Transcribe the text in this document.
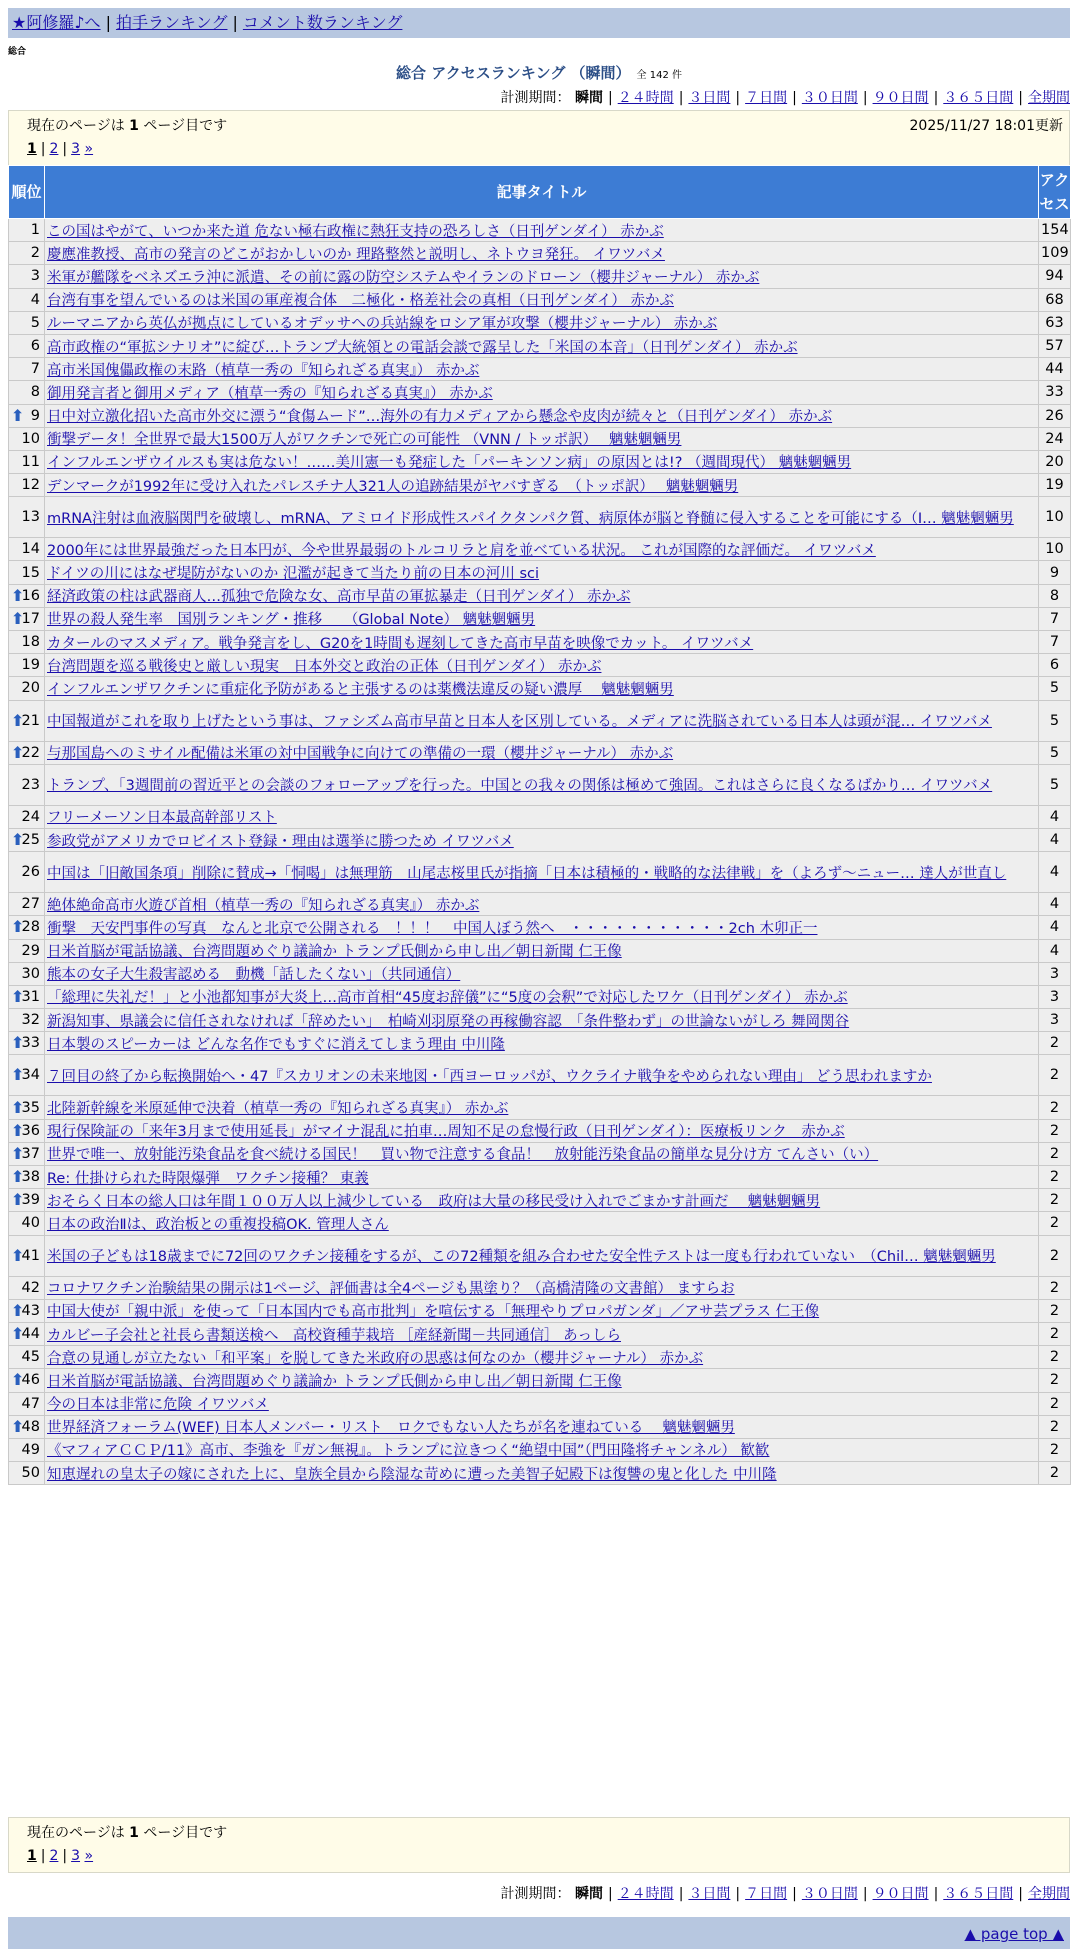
★阿修羅♪へ | 拍手ランキング | コメント数ランキング
総合
総合 アクセスランキング （瞬間） 全 142 件
計測期間： 瞬間 | ２４時間 | ３日間 | ７日間 | ３０日間 | ９０日間 | ３６５日間 | 全期間
現在のページは 1 ページ目です	2025/11/27 18:01更新
1 | 2 | 3 »
順位	記事タイトル	アクセス
1	この国はやがて、いつか来た道 危ない極右政権に熱狂支持の恐ろしさ（日刊ゲンダイ） 赤かぶ	154
2	慶應准教授、高市の発言のどこがおかしいのか 理路整然と説明し、ネトウヨ発狂。 イワツバメ	109
3	米軍が艦隊をベネズエラ沖に派遣、その前に露の防空システムやイランのドローン（櫻井ジャーナル） 赤かぶ	94
4	台湾有事を望んでいるのは米国の軍産複合体　二極化・格差社会の真相（日刊ゲンダイ） 赤かぶ	68
5	ルーマニアから英仏が拠点にしているオデッサへの兵站線をロシア軍が攻撃（櫻井ジャーナル） 赤かぶ	63
6	高市政権の“軍拡シナリオ”に綻び…トランプ大統領との電話会談で露呈した「米国の本音」（日刊ゲンダイ） 赤かぶ	57
7	高市米国傀儡政権の末路（植草一秀の『知られざる真実』） 赤かぶ	44
8	御用発言者と御用メディア（植草一秀の『知られざる真実』） 赤かぶ	33

⬆ 9	日中対立激化招いた高市外交に漂う“食傷ムード”…海外の有力メディアから懸念や皮肉が続々と（日刊ゲンダイ） 赤かぶ	26
10	衝撃データ！全世界で最大1500万人がワクチンで死亡の可能性 （VNN / トッポ訳）　 魑魅魍魎男	24
11	インフルエンザウイルスも実は危ない！……美川憲一も発症した「パーキンソン病」の原因とは!? （週間現代） 魑魅魍魎男	20
12	デンマークが1992年に受け入れたパレスチナ人321人の追跡結果がヤバすぎる　（トッポ訳）　 魑魅魍魎男	19
13	mRNA注射は血液脳関門を破壊し、mRNA、アミロイド形成性スパイクタンパク質、病原体が脳と脊髄に侵入することを可能にする（I… 魑魅魍魎男	10
14	2000年には世界最強だった日本円が、今や世界最弱のトルコリラと肩を並べている状況。 これが国際的な評価だ。 イワツバメ	10
15	ドイツの川にはなぜ堤防がないのか 氾濫が起きて当たり前の日本の河川 sci	9

⬆
16	経済政策の柱は武器商人…孤独で危険な女、高市早苗の軍拡暴走（日刊ゲンダイ） 赤かぶ	8

⬆
17	世界の殺人発生率　国別ランキング・推移　　（Global Note） 魑魅魍魎男	7
18	カタールのマスメディア。戦争発言をし、G20を1時間も遅刻してきた高市早苗を映像でカット。 イワツバメ	7
19	台湾問題を巡る戦後史と厳しい現実　日本外交と政治の正体（日刊ゲンダイ） 赤かぶ	6
20	インフルエンザワクチンに重症化予防があると主張するのは薬機法違反の疑い濃厚　 魑魅魍魎男	5

⬆
21	中国報道がこれを取り上げたという事は、ファシズム高市早苗と日本人を区別している。メディアに洗脳されている日本人は頭が混… イワツバメ	5

⬆
22	与那国島へのミサイル配備は米軍の対中国戦争に向けての準備の一環（櫻井ジャーナル） 赤かぶ	5
23	トランプ、「3週間前の習近平との会談のフォローアップを行った。中国との我々の関係は極めて強固。これはさらに良くなるばかり… イワツバメ	5
24	フリーメーソン日本最高幹部リスト	4

⬆
25	参政党がアメリカでロビイスト登録・理由は選挙に勝つため イワツバメ	4
26	中国は「旧敵国条項」削除に賛成→「恫喝」は無理筋　山尾志桜里氏が指摘「日本は積極的・戦略的な法律戦」を（よろず〜ニュー… 達人が世直し	4
27	絶体絶命高市火遊び首相（植草一秀の『知られざる真実』） 赤かぶ	4

⬆
28	衝撃　天安門事件の写真　なんと北京で公開される　！！！　中国人ぼう然へ　・・・・・・・・・・・2ch 木卯正一	4
29	日米首脳が電話協議、台湾問題めぐり議論か トランプ氏側から申し出／朝日新聞 仁王像	4
30	熊本の女子大生殺害認める　動機「話したくない」（共同通信）	3

⬆
31	「総理に失礼だ！」と小池都知事が大炎上…高市首相“45度お辞儀”に“5度の会釈”で対応したワケ（日刊ゲンダイ） 赤かぶ	3
32	新潟知事、県議会に信任されなければ「辞めたい」　柏崎刈羽原発の再稼働容認　「条件整わず」の世論ないがしろ 舞岡関谷	3

⬆
33	日本製のスピーカーは どんな名作でもすぐに消えてしまう理由 中川隆	2

⬆
34	７回目の終了から転換開始へ・47『スカリオンの未来地図・「西ヨーロッパが、ウクライナ戦争をやめられない理由」 どう思われますか	2

⬆
35	北陸新幹線を米原延伸で決着（植草一秀の『知られざる真実』） 赤かぶ	2

⬆
36	現行保険証の「来年3月まで使用延長」がマイナ混乱に拍車…周知不足の怠慢行政（日刊ゲンダイ）：医療板リンク　赤かぶ	2

⬆
37	世界で唯一、放射能汚染食品を食べ続ける国民！　買い物で注意する食品！　放射能汚染食品の簡単な見分け方 てんさい（い）	2

⬆
38	Re: 仕掛けられた時限爆弾　ワクチン接種？ 東義	2

⬆
39	おそらく日本の総人口は年間１００万人以上減少している　政府は大量の移民受け入れでごまかす計画だ　 魑魅魍魎男	2
40	日本の政治Ⅱは、政治板との重複投稿OK. 管理人さん	2

⬆
41	米国の子どもは18歳までに72回のワクチン接種をするが、この72種類を組み合わせた安全性テストは一度も行われていない　（Chil… 魑魅魍魎男	2
42	コロナワクチン治験結果の開示は1ページ、評価書は全4ページも黒塗り？（高橋清隆の文書館） ますらお	2

⬆
43	中国大使が「親中派」を使って「日本国内でも高市批判」を喧伝する「無理やりプロパガンダ」／アサ芸プラス 仁王像	2

⬆
44	カルビー子会社と社長ら書類送検へ　高校資種芋栽培 ［産経新聞－共同通信］ あっしら	2
45	合意の見通しが立たない「和平案」を脱してきた米政府の思惑は何なのか（櫻井ジャーナル） 赤かぶ	2

⬆
46	日米首脳が電話協議、台湾問題めぐり議論か トランプ氏側から申し出／朝日新聞 仁王像	2
47	今の日本は非常に危険 イワツバメ	2

⬆
48	世界経済フォーラム(WEF) 日本人メンバー・リスト　ロクでもない人たちが名を連ねている　 魑魅魍魎男	2
49	《マフィアＣＣＰ/11》高市、李強を『ガン無視』。トランプに泣きつく“絶望中国”（門田隆将チャンネル） 歓歓	2
50	知恵遅れの皇太子の嫁にされた上に、皇族全員から陰湿な苛めに遭った美智子妃殿下は復讐の鬼と化した 中川隆	2
現在のページは 1 ページ目です
1 | 2 | 3 »
計測期間： 瞬間 | ２４時間 | ３日間 | ７日間 | ３０日間 | ９０日間 | ３６５日間 | 全期間
▲ page top ▲
